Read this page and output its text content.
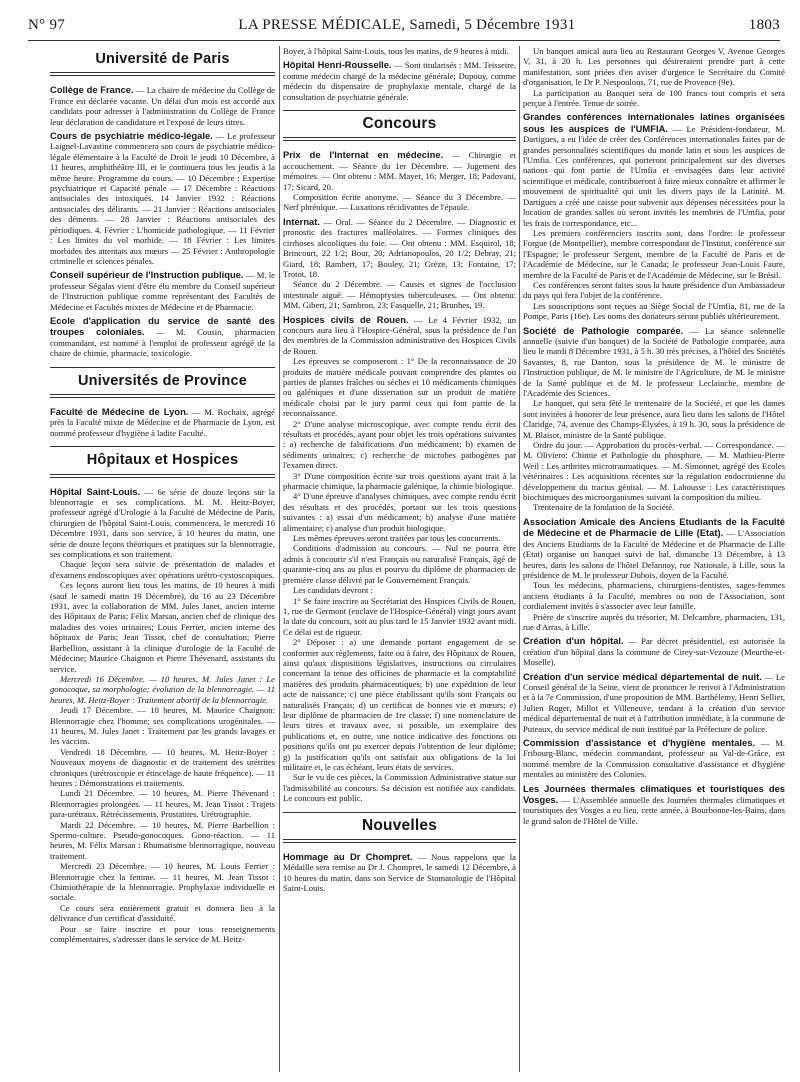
N° 97	LA PRESSE MÉDICALE, Samedi, 5 Décembre 1931	1803
Université de Paris
Collège de France. — La chaire de médecine du Collège de France est déclarée vacante. Un délai d'un mois est accordé aux candidats pour adresser à l'administration du Collège de France leur déclaration de candidature et l'exposé de leurs titres.
Cours de psychiatrie médico-légale. — Le professeur Laignel-Lavastine commencera son cours de psychiatrie médico-légale élémentaire à la Faculté de Droit le jeudi 10 Décembre, à 11 heures, amphithéâtre III, et le continuera tous les jeudis à la même heure. Programme du cours. — 10 Décembre : Expertise psychiatrique et Capacité pénale — 17 Décembre : Réactions antisociales des intoxiqués. 14 Janvier 1932 : Réactions antisociales des délirants. — 21 Janvier : Réactions antisociales des déments. — 28 Janvier : Réactions antisociales des périodiques. 4. Février : L'homicide pathologique. — 11 Février : Les limites du vol morbide. — 18 Février : Les limites morbides des attentats aux mœurs — 25 Février : Anthropologie criminelle et sciences pénales.
Conseil supérieur de l'Instruction publique. — M. le professeur Ségalas vient d'être élu membre du Conseil supérieur de l'Instruction publique comme représentant des Facultés de Médecine et Facultés mixtes de Médecine et de Pharmacie.
Ecole d'application du service de santé des troupes coloniales. — M. Cousin, pharmacien commandant, est nommé à l'emploi de professeur agrégé de la chaire de chimie, pharmacie, toxicologie.
Universités de Province
Faculté de Médecine de Lyon. — M. Rochaix, agrégé près la Faculté mixte de Médecine et de Pharmacie de Lyon, est nommé professeur d'hygiène à ladite Faculté.
Hôpitaux et Hospices

Hôpital Saint-Louis. — 6e série de douze leçons sur la blennorragie et ses complications. M. M. Heitz-Boyer, professeur agrégé d'Urologie à la Faculté de Médecine de Paris, chirurgien de l'hôpital Saint-Louis, commencera, le mercredi 16 Décembre 1931, dans son service, à 10 heures du matin, une série de douze leçons théoriques et pratiques sur la blennorragie, ses complications et son traitement.

Chaque leçon sera suivie de présentation de malades et d'examens endoscopiques avec opérations urétro-cystoscopiques.

Ces leçons auront lieu tous les matins, de 10 heures à midi (sauf le samedi matin 19 Décembre), du 16 au 23 Décembre 1931, avec la collaboration de MM. Jules Janet, ancien interne des Hôpitaux de Paris; Félix Marsan, ancien chef de clinique des maladies des voies urinaires; Louis Ferrier, ancien interne des hôpitaux de Paris; Jean Tissot, chef de consultation; Pierre Barbellion, assistant à la clinique d'urologie de la Faculté de Médecine; Maurice Chaignon et Pierre Thévenard, assistants du service.

Mercredi 16 Décembre. — 10 heures, M. Jules Janet : Le gonocoque, sa morphologie; évolution de la blennorragie. — 11 heures, M. Heitz-Boyer : Traitement abortif de la blennorragie.

Jeudi 17 Décembre. — 10 heures, M. Maurice Chaignon: Blennorragie chez l'homme; ses complications urogénitales. — 11 heures, M. Jules Janet : Traitement par les grands lavages et les vaccins.

Vendredi 18 Décembre. — 10 heures, M. Heitz-Boyer : Nouveaux moyens de diagnostic et de traitement des urétrites chroniques (urétroscopie et étincelage de haute fréquence). — 11 heures : Démonstrations et traitements.

Lundi 21 Décembre. — 10 heures, M. Pierre Thévenard : Blennorragies prolongées. — 11 heures, M. Jean Tissot : Trajets para-urétraux. Rétrécissements. Prostatites. Urétrographie.

Mardi 22 Décembre. — 10 heures, M. Pierre Barbellion : Spermo-culture. Pseudo-gonocoques. Gono-réaction. — 11 heures, M. Félix Marsan : Rhumatisme blennorragique, nouveau traitement.

Mercredi 23 Décembre. — 10 heures, M. Louis Ferrier : Blennorragie chez la femme. — 11 heures, M. Jean Tissot : Chimiothérapie de la blennorragie. Prophylaxie individuelle et sociale.

Ce cours sera entièrement gratuit et donnera lieu à la délivrance d'un certificat d'assiduité.

Pour se faire inscrire et pour tous renseignements complémentaires, s'adresser dans le service de M. Heitz-

Boyer, à l'hôpital Saint-Louis, tous les matins, de 9 heures à midi.
Hôpital Henri-Rousselle. — Sont titularisés : MM. Teisseire, comme médecin chargé de la médecine générale; Dupouy, comme médecin du dispensaire de prophylaxie mentale, chargé de la consultation de psychiatrie générale.
Concours

Prix de l'Internat en médecine. — Chirurgie et accouchement. — Séance du 1er Décembre. — Jugement des mémoires. — Ont obtenu : MM. Mayer, 16; Merger, 18; Padovani, 17; Sicard, 20.

Composition écrite anonyme. — Séance du 3 Décembre. — Nerf phrénique. — Luxations récidivantes de l'épaule.

Internat. — Oral. — Séance du 2 Décembre. — Diagnostic et pronostic des fractures malléolaires. — Formes cliniques des cirrhoses alcooliques du foie. — Ont obtenu : MM. Esquirol, 18; Brincourt, 22 1/2; Bour, 20; Adrianopoulos, 20 1/2; Debray, 21; Giard, 18; Rambert, 17; Bouley, 21; Grèze, 13; Fontaine, 17; Trotot, 18.

Séance du 2 Décembre. — Causes et signes de l'occlusion intestinale aiguë. — Hémoptysies tuberculeuses. — Ont obtenu: MM. Gibert, 21; Sambron, 23; Fasquelle, 21; Brunhes, 19.

Hospices civils de Rouen. — Le 4 Février 1932, un concours aura lieu à l'Hospice-Général, sous la présidence de l'un des membres de la Commission administrative des Hospices Civils de Rouen.

Les épreuves se composeront : 1° De la reconnaissance de 20 produits de matière médicale pouvant comprendre des plantes ou parties de plantes fraîches ou sèches et 10 médicaments chimiques ou galéniques et d'une dissertation sur un produit de matière médicale choisi par le jury parmi ceux qui font partie de la reconnaissance.

2° D'une analyse microscopique, avec compte rendu écrit des résultats et procédés, ayant pour objet les trois opérations suivantes : a) recherche de falsifications d'un médicament; b) examen de sédiments urinaires; c) recherche de microbes pathogènes par l'examen direct.

3° D'une composition écrite sur trois questions ayant trait à la pharmacie chimique, la pharmacie galénique, la chimie biologique.

4° D'une épreuve d'analyses chimiques, avec compte rendu écrit des résultats et des procédés, portant sur les trois questions suivantes : a) essai d'un médicament; b) analyse d'une matière alimentaire; c) analyse d'un produit biologique.

Les mêmes épreuves seront traitées par tous les concurrents.

Conditions d'admission au concours. — Nul ne pourra être admis à concourir s'il n'est Français ou naturalisé Français, âgé de quarante-cinq ans au plus et pourvu du diplôme de pharmacien de première classe délivré par le Gouvernement Français.

Les candidats devront :

1° Se faire inscrire au Secrétariat des Hospices Civils de Rouen, 1, rue de Germont (enclave de l'Hospice-Général) vingt jours avant la date du concours, soit au plus tard le 15 Janvier 1932 avant midi. Ce délai est de rigueur.

2° Déposer : a) une demande portant engagement de se conformer aux règlements, faite ou à faire, des Hôpitaux de Rouen, ainsi qu'aux dispositions législatives, instructions ou circulaires concernant la tenue des officines de pharmacie et la comptabilité matières des produits pharmaceutiques; b) une expédition de leur acte de naissance; c) une pièce établissant qu'ils sont Français ou naturalisés Français; d) un certificat de bonnes vie et mœurs; e) leur diplôme de pharmacien de 1re classe; f) une nomenclature de leurs titres et travaux avec, si possible, un exemplaire des publications et, en outre, une notice indicative des fonctions ou positions qu'ils ont pu exercer depuis l'obtention de leur diplôme; g) la justification qu'ils ont satisfait aux obligations de la loi militaire et, le cas échéant, leurs états de services.

Sur le vu de ces pièces, la Commission Administrative statue sur l'admissibilité au concours. Sa décision est notifiée aux candidats. Le concours est public.

Nouvelles
Hommage au Dr Chompret. — Nous rappelons que la Médaille sera remise au Dr J. Chompret, le samedi 12 Décembre, à 10 heures du matin, dans son Service de Stomatologie de l'Hôpital Saint-Louis.

Un banquet amical aura lieu au Restaurant Georges V, Avenue Georges V, 31, à 20 h. Les personnes qui désireraient prendre part à cette manifestation, sont priées d'en aviser d'urgence le Secrétaire du Comité d'organisation, le Dr P. Nespoulous, 71, rue de Provence (9e).

La participation au Banquet sera de 100 francs tout compris et sera perçue à l'entrée. Tenue de soirée.

Grandes conférences internationales latines organisées sous les auspices de l'UMFIA. — Le Président-fondateur, M. Dartigues, a eu l'idée de créer des Conférences internationales faites par de grandes personnalités scientifiques du monde latin et sous les auspices de l'Umfia. Ces conférences, qui porteront principalement sur des diverses nations qui font partie de l'Umfia et envisagées dans leur activité scientifique et médicale, contribueront à faire mieux connaître et affirmer le mouvement de spiritualité qui unit les divers pays de la Latinité. M. Dartigues a créé une caisse pour subvenir aux dépenses nécessitées pour la location de grandes salles où seront invités les membres de l'Umfia, pour les frais de correspondance, etc...

Les premiers conférenciers inscrits sont, dans l'ordre: le professeur Forgue (de Montpellier), membre correspondant de l'Institut, conférence sur l'Espagne; le professeur Sergent, membre de la Faculté de Paris et de l'Académie de Médecine, sur le Canada; le professeur Jean-Louis Faure, membre de la Faculté de Paris et de l'Académie de Médecine, sur le Brésil.

Ces conférences seront faites sous la haute présidence d'un Ambassadeur du pays qui fera l'objet de la conférence.

Les souscriptions sont reçues au Siège Social de l'Umfia, 81, rue de la Pompe, Paris (16e). Les noms des donateurs seront publiés ultérieurement.

Société de Pathologie comparée. — La séance solennelle annuelle (suivie d'un banquet) de la Société de Pathologie comparée, aura lieu le mardi 8 Décembre 1931, à 5 h. 30 très précises, à l'hôtel des Sociétés Savantes, 8, rue Danton, sous la présidence de M. le ministre de l'Instruction publique, de M. le ministre de l'Agriculture, de M. le ministre de la Santé publique et de M. le professeur Leclainche, membre de l'Académie des Sciences.

Le banquet, qui sera fêté le trentenaire de la Société, et que les dames sont invitées à honorer de leur présence, aura lieu dans les salons de l'Hôtel Claridge, 74, avenue des Champs-Élysées, à 19 h. 30, sous la présidence de M. Blaisot, ministre de la Santé publique.

Ordre du jour. — Approbation du procès-verbal. — Correspondance. — M. Oliviero: Chimie et Pathologie du phosphore. — M. Mathieu-Pierre Weil : Les arthrites microtraumatiques. — M. Simonnet, agrégé des Ecoles vétérinaires : Les acquisitions récentes sur la régulation endocrinienne du développement du tractus génital. — M. Lahousse : Les caractéristiques biochimiques des microorganismes suivant la composition du milieu.

Trentenaire de la fondation de la Société.

Association Amicale des Anciens Etudiants de la Faculté de Médecine et de Pharmacie de Lille (Etat). — L'Association des Anciens Etudiants de la Faculté de Médecine et de Pharmacie de Lille (Etat) organise un banquet suivi de bal, dimanche 13 Décembre, à 13 heures, dans les salons de l'hôtel Delannoy, rue Nationale, à Lille, sous la présidence de M. le professeur Dubois, doyen de la Faculté.

Tous les médecins, pharmaciens, chirurgiens-dentistes, sages-femmes anciens étudiants à la Faculté, membres ou non de l'Association, sont cordialement invités à s'associer avec leur famille.

Prière de s'inscrire auprès du trésorier, M. Delcambre, pharmacien, 131, rue d'Arras, à Lille.

Création d'un hôpital. — Par décret présidentiel, est autorisée la création d'un hôpital dans la commune de Cirey-sur-Vezouze (Meurthe-et-Moselle).

Création d'un service médical départemental de nuit. — Le Conseil général de la Seine, vient de prononcer le renvoi à l'Administration et à la 7e Commission, d'une proposition de MM. Barthélemy, Henri Sellier, Julien Roger, Millot et Villeneuve, tendant à la création d'un service médical départemental de nuit et à l'attribution immédiate, à la commune de Puteaux, du service médical de nuit institué par la Préfecture de police.

Commission d'assistance et d'hygiène mentales. — M. Fribourg-Blanc, médecin commandant, professeur au Val-de-Grâce, est nommé membre de la Commission consultative d'assistance et d'hygiène mentales au ministère des Colonies.

Les Journées thermales climatiques et touristiques des Vosges. — L'Assemblée annuelle des Journées thermales climatiques et touristiques des Vosges a eu lieu, cette année, à Bourbonne-les-Bains, dans le grand salon de l'Hôtel de Ville.
